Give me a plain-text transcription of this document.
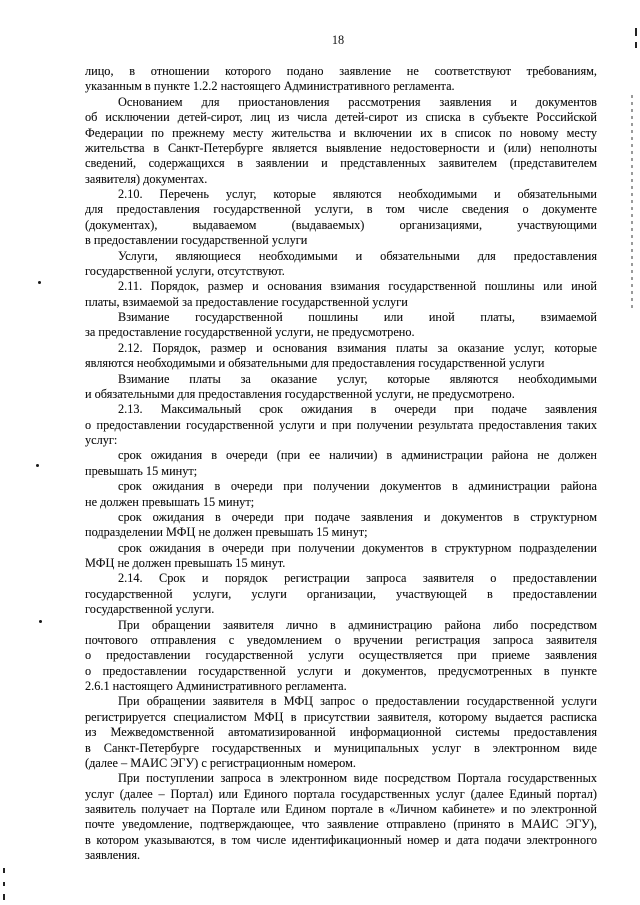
18
лицо, в отношении которого подано заявление не соответствуют требованиям,
указанным в пункте 1.2.2 настоящего Административного регламента.
Основанием для приостановления рассмотрения заявления и документов
об исключении детей-сирот, лиц из числа детей-сирот из списка в субъекте Российской
Федерации по прежнему месту жительства и включении их в список по новому месту
жительства в Санкт-Петербурге является выявление недостоверности и (или) неполноты
сведений, содержащихся в заявлении и представленных заявителем (представителем
заявителя) документах.
2.10. Перечень услуг, которые являются необходимыми и обязательными
для предоставления государственной услуги, в том числе сведения о документе
(документах), выдаваемом (выдаваемых) организациями, участвующими
в предоставлении государственной услуги
Услуги, являющиеся необходимыми и обязательными для предоставления
государственной услуги, отсутствуют.
2.11. Порядок, размер и основания взимания государственной пошлины или иной
платы, взимаемой за предоставление государственной услуги
Взимание государственной пошлины или иной платы, взимаемой
за предоставление государственной услуги, не предусмотрено.
2.12. Порядок, размер и основания взимания платы за оказание услуг, которые
являются необходимыми и обязательными для предоставления государственной услуги
Взимание платы за оказание услуг, которые являются необходимыми
и обязательными для предоставления государственной услуги, не предусмотрено.
2.13. Максимальный срок ожидания в очереди при подаче заявления
о предоставлении государственной услуги и при получении результата предоставления таких
услуг:
срок ожидания в очереди (при ее наличии) в администрации района не должен
превышать 15 минут;
срок ожидания в очереди при получении документов в администрации района
не должен превышать 15 минут;
срок ожидания в очереди при подаче заявления и документов в структурном
подразделении МФЦ не должен превышать 15 минут;
срок ожидания в очереди при получении документов в структурном подразделении
МФЦ не должен превышать 15 минут.
2.14. Срок и порядок регистрации запроса заявителя о предоставлении
государственной услуги, услуги организации, участвующей в предоставлении
государственной услуги.
При обращении заявителя лично в администрацию района либо посредством
почтового отправления с уведомлением о вручении регистрация запроса заявителя
о предоставлении государственной услуги осуществляется при приеме заявления
о предоставлении государственной услуги и документов, предусмотренных в пункте
2.6.1 настоящего Административного регламента.
При обращении заявителя в МФЦ запрос о предоставлении государственной услуги
регистрируется специалистом МФЦ в присутствии заявителя, которому выдается расписка
из Межведомственной автоматизированной информационной системы предоставления
в Санкт-Петербурге государственных и муниципальных услуг в электронном виде
(далее – МАИС ЭГУ) с регистрационным номером.
При поступлении запроса в электронном виде посредством Портала государственных
услуг (далее – Портал) или Единого портала государственных услуг (далее Единый портал)
заявитель получает на Портале или Едином портале в «Личном кабинете» и по электронной
почте уведомление, подтверждающее, что заявление отправлено (принято в МАИС ЭГУ),
в котором указываются, в том числе идентификационный номер и дата подачи электронного
заявления.
